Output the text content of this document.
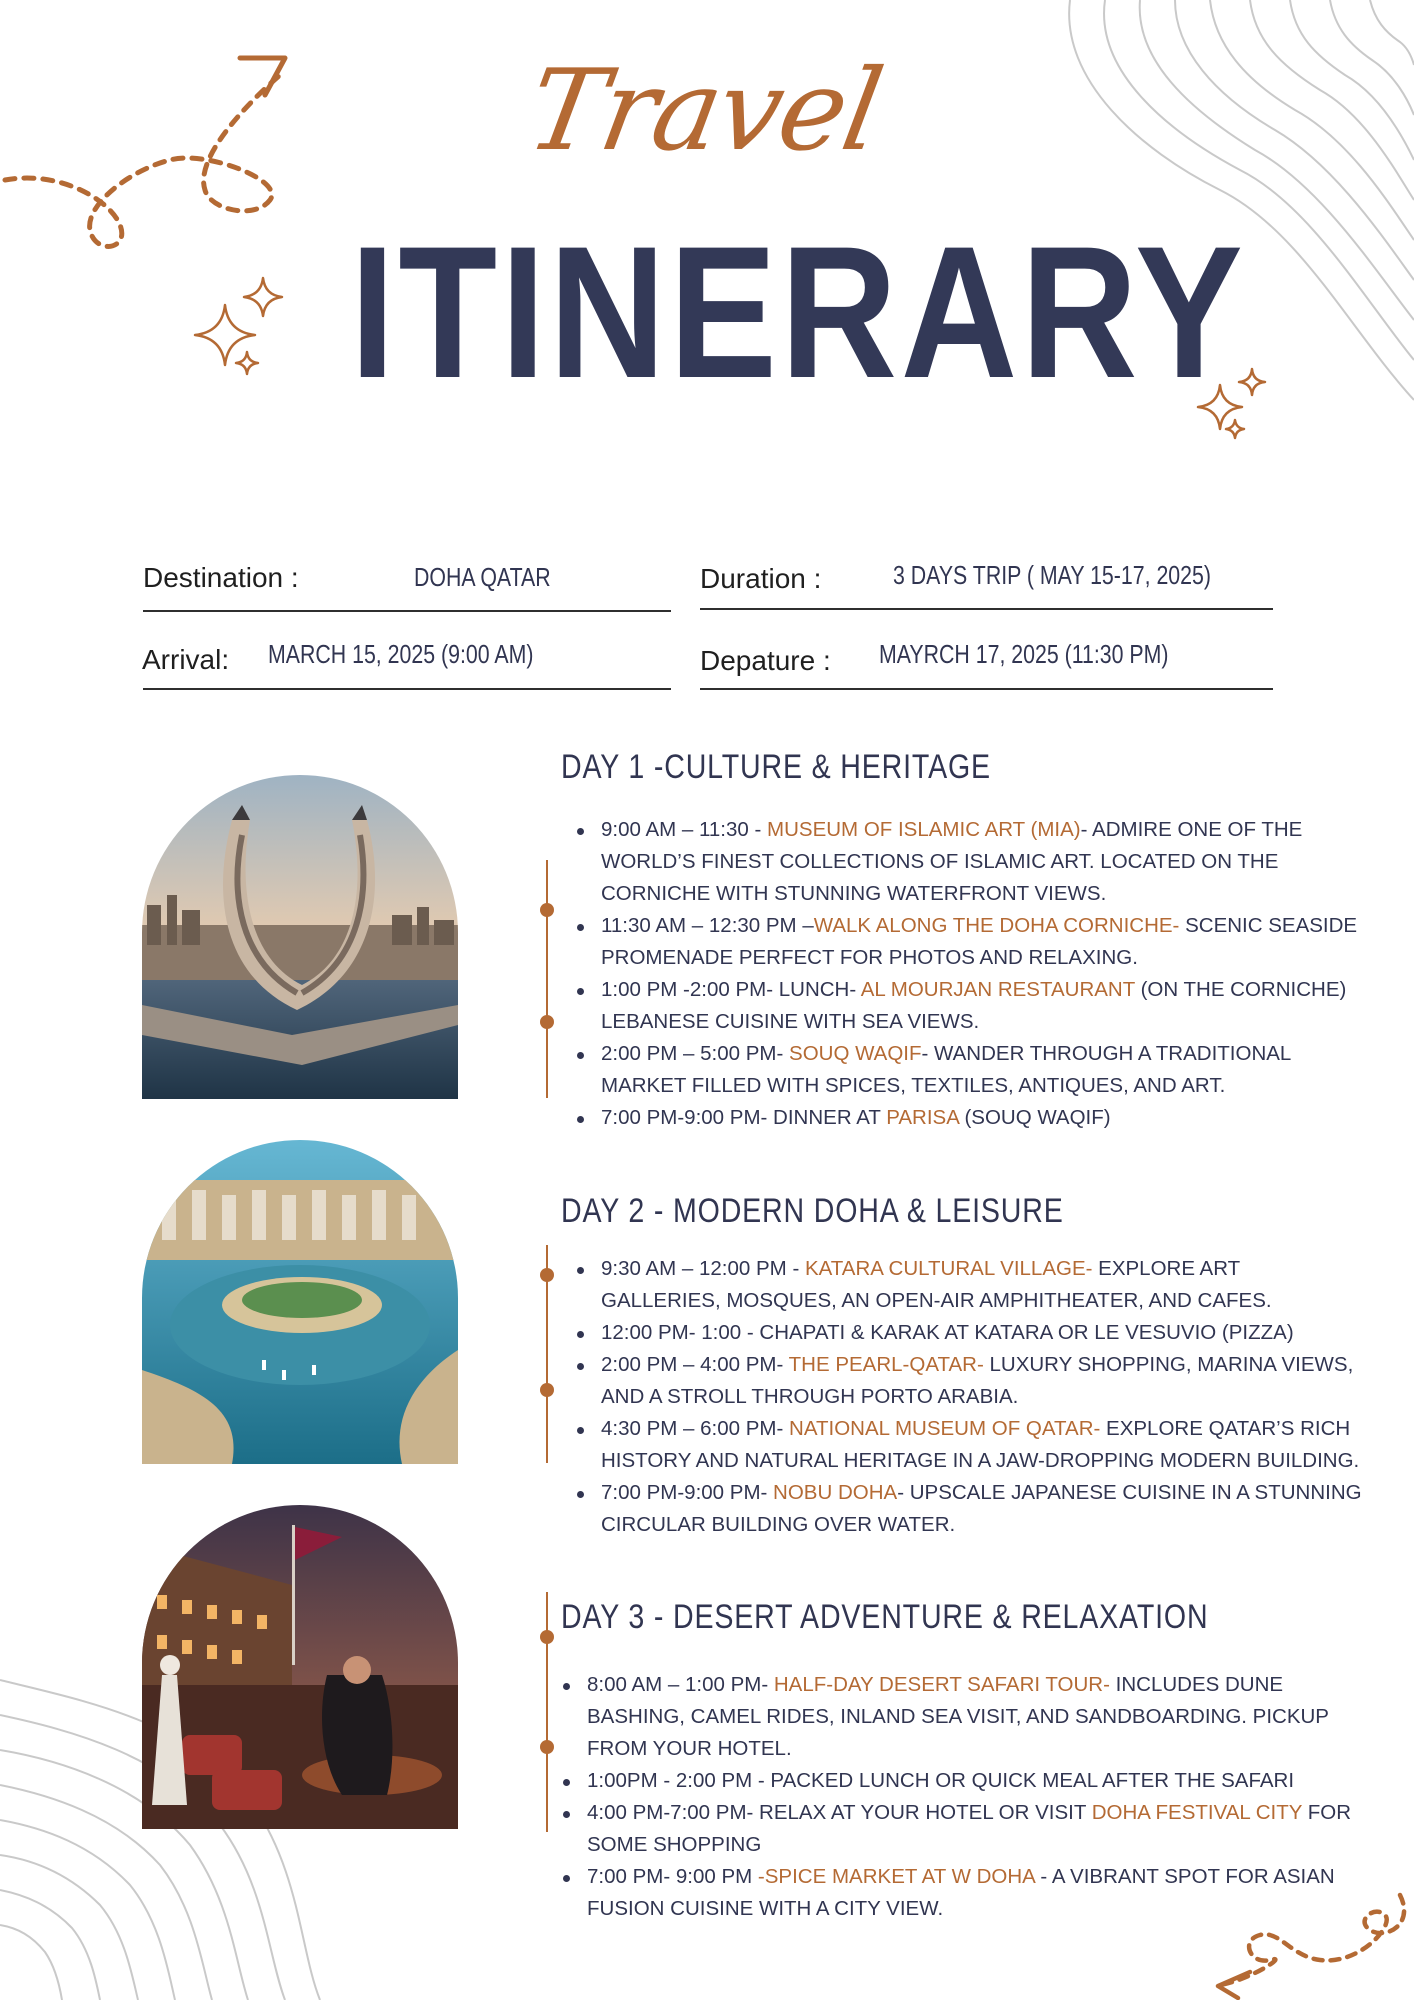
Travel
ITINERARY
Destination :	DOHA QATAR	Duration :	3 DAYS TRIP ( MAY 15-17, 2025)
Arrival: MARCH 15, 2025 (9:00 AM)	Depature : MAYRCH 17, 2025 (11:30 PM)
DAY 1 -CULTURE & HERITAGE
DAY 2 - MODERN DOHA & LEISURE
DAY 3 - DESERT ADVENTURE & RELAXATION
9:00 AM – 11:30 - MUSEUM OF ISLAMIC ART (MIA)- ADMIRE ONE OF THE WORLD’S FINEST COLLECTIONS OF ISLAMIC ART. LOCATED ON THE CORNICHE WITH STUNNING WATERFRONT VIEWS.
11:30 AM – 12:30 PM –WALK ALONG THE DOHA CORNICHE- SCENIC SEASIDE PROMENADE PERFECT FOR PHOTOS AND RELAXING.
1:00 PM -2:00 PM- LUNCH- AL MOURJAN RESTAURANT (ON THE CORNICHE) LEBANESE CUISINE WITH SEA VIEWS.
2:00 PM – 5:00 PM- SOUQ WAQIF- WANDER THROUGH A TRADITIONAL MARKET FILLED WITH SPICES, TEXTILES, ANTIQUES, AND ART.
7:00 PM-9:00 PM- DINNER AT PARISA (SOUQ WAQIF)
9:30 AM – 12:00 PM - KATARA CULTURAL VILLAGE- EXPLORE ART GALLERIES, MOSQUES, AN OPEN-AIR AMPHITHEATER, AND CAFES.
12:00 PM- 1:00 - CHAPATI & KARAK AT KATARA OR LE VESUVIO (PIZZA)
2:00 PM – 4:00 PM- THE PEARL-QATAR- LUXURY SHOPPING, MARINA VIEWS, AND A STROLL THROUGH PORTO ARABIA.
4:30 PM – 6:00 PM- NATIONAL MUSEUM OF QATAR- EXPLORE QATAR’S RICH HISTORY AND NATURAL HERITAGE IN A JAW-DROPPING MODERN BUILDING.
7:00 PM-9:00 PM- NOBU DOHA- UPSCALE JAPANESE CUISINE IN A STUNNING CIRCULAR BUILDING OVER WATER.
8:00 AM – 1:00 PM- HALF-DAY DESERT SAFARI TOUR- INCLUDES DUNE BASHING, CAMEL RIDES, INLAND SEA VISIT, AND SANDBOARDING. PICKUP FROM YOUR HOTEL.
1:00PM - 2:00 PM - PACKED LUNCH OR QUICK MEAL AFTER THE SAFARI
4:00 PM-7:00 PM- RELAX AT YOUR HOTEL OR VISIT DOHA FESTIVAL CITY FOR SOME SHOPPING
7:00 PM- 9:00 PM -SPICE MARKET AT W DOHA - A VIBRANT SPOT FOR ASIAN FUSION CUISINE WITH A CITY VIEW.
